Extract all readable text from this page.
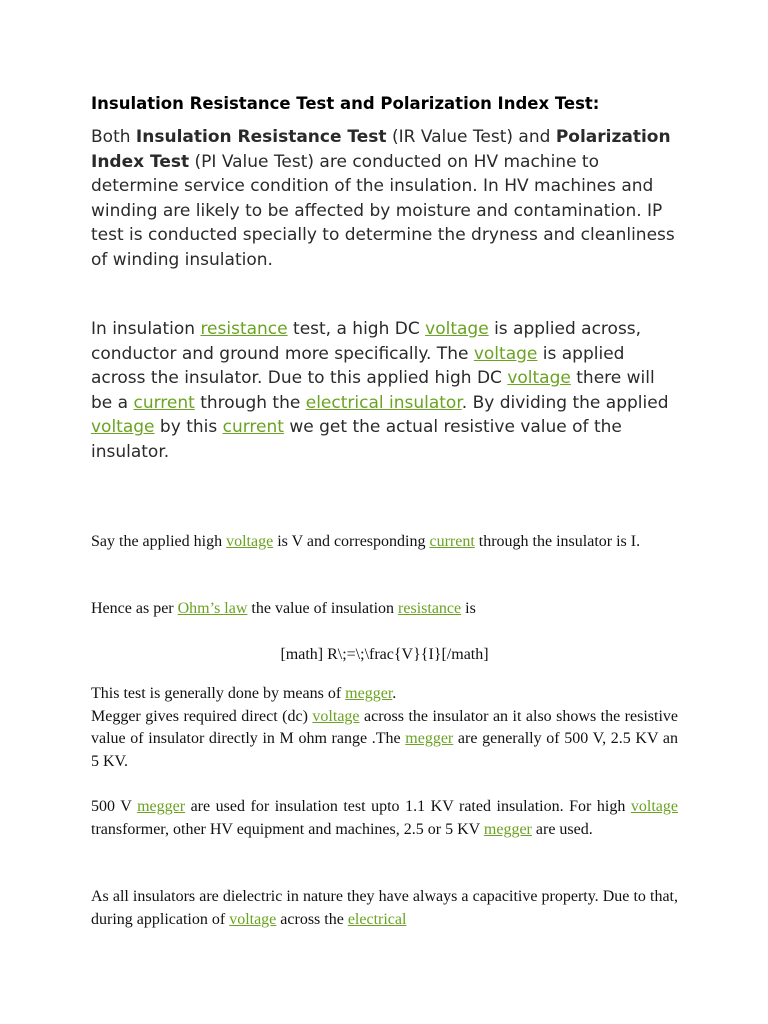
Insulation Resistance Test and Polarization Index Test:
Both Insulation Resistance Test (IR Value Test) and Polarization Index Test (PI Value Test) are conducted on HV machine to determine service condition of the insulation. In HV machines and winding are likely to be affected by moisture and contamination. IP test is conducted specially to determine the dryness and cleanliness of winding insulation.
In insulation resistance test, a high DC voltage is applied across, conductor and ground more specifically. The voltage is applied across the insulator. Due to this applied high DC voltage there will be a current through the electrical insulator. By dividing the applied voltage by this current we get the actual resistive value of the insulator.
Say the applied high voltage is V and corresponding current through the insulator is I.
Hence as per Ohm’s law the value of insulation resistance is
[math] R\;=\;\frac{V}{I}[/math]
This test is generally done by means of megger.
Megger gives required direct (dc) voltage across the insulator an it also shows the resistive value of insulator directly in M ohm range .The megger are generally of 500 V, 2.5 KV an 5 KV.
500 V megger are used for insulation test upto 1.1 KV rated insulation. For high voltage transformer, other HV equipment and machines, 2.5 or 5 KV megger are used.
As all insulators are dielectric in nature they have always a capacitive property. Due to that, during application of voltage across the electrical
